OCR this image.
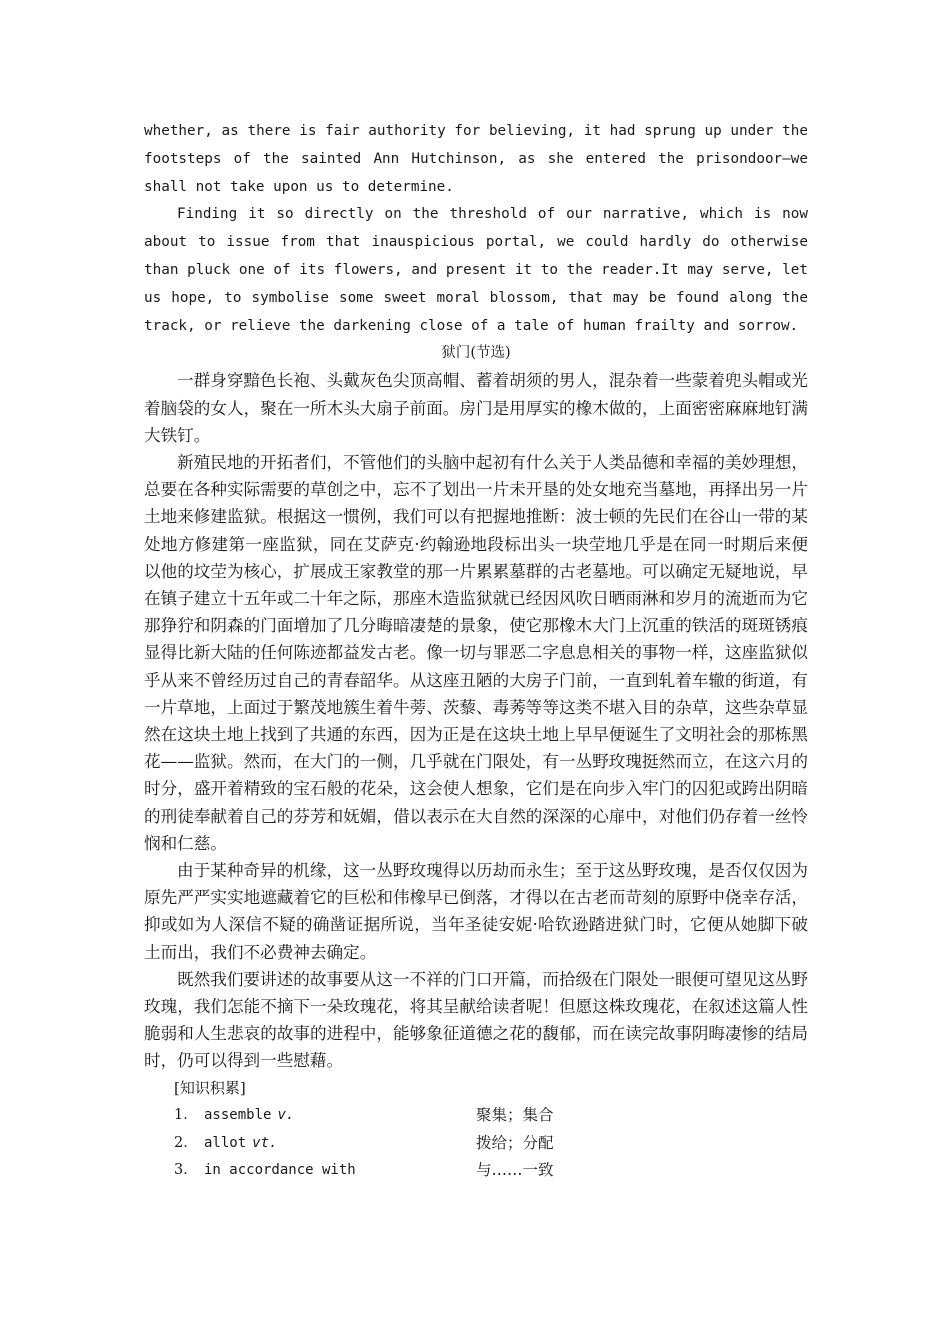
whether, as there is fair authority for believing, it had sprung up under the footsteps of the sainted Ann Hutchinson, as she entered the prisondoor—we shall not take upon us to determine.

Finding it so directly on the threshold of our narrative, which is now about to issue from that inauspicious portal, we could hardly do otherwise than pluck one of its flowers, and present it to the reader.It may serve, let us hope, to symbolise some sweet moral blossom, that may be found along the track, or relieve the darkening close of a tale of human frailty and sorrow.

狱门(节选)

一群身穿黯色长袍、头戴灰色尖顶高帽、蓄着胡须的男人，混杂着一些蒙着兜头帽或光着脑袋的女人，聚在一所木头大扇子前面。房门是用厚实的橡木做的，上面密密麻麻地钉满大铁钉。

新殖民地的开拓者们，不管他们的头脑中起初有什么关于人类品德和幸福的美妙理想，总要在各种实际需要的草创之中，忘不了划出一片未开垦的处女地充当墓地，再择出另一片土地来修建监狱。根据这一惯例，我们可以有把握地推断：波士顿的先民们在谷山一带的某处地方修建第一座监狱，同在艾萨克·约翰逊地段标出头一块茔地几乎是在同一时期后来便以他的坟茔为核心，扩展成王家教堂的那一片累累墓群的古老墓地。可以确定无疑地说，早在镇子建立十五年或二十年之际，那座木造监狱就已经因风吹日晒雨淋和岁月的流逝而为它那狰狞和阴森的门面增加了几分晦暗凄楚的景象，使它那橡木大门上沉重的铁活的斑斑锈痕显得比新大陆的任何陈迹都益发古老。像一切与罪恶二字息息相关的事物一样，这座监狱似乎从来不曾经历过自己的青春韶华。从这座丑陋的大房子门前，一直到轧着车辙的街道，有一片草地，上面过于繁茂地簇生着牛蒡、茨藜、毒莠等等这类不堪入目的杂草，这些杂草显然在这块土地上找到了共通的东西，因为正是在这块土地上早早便诞生了文明社会的那栋黑花——监狱。然而，在大门的一侧，几乎就在门限处，有一丛野玫瑰挺然而立，在这六月的时分，盛开着精致的宝石般的花朵，这会使人想象，它们是在向步入牢门的囚犯或跨出阴暗的刑徒奉献着自己的芬芳和妩媚，借以表示在大自然的深深的心扉中，对他们仍存着一丝怜悯和仁慈。

由于某种奇异的机缘，这一丛野玫瑰得以历劫而永生；至于这丛野玫瑰，是否仅仅因为原先严严实实地遮藏着它的巨松和伟橡早已倒落，才得以在古老而苛刻的原野中侥幸存活，抑或如为人深信不疑的确凿证据所说，当年圣徒安妮·哈钦逊踏进狱门时，它便从她脚下破土而出，我们不必费神去确定。

既然我们要讲述的故事要从这一不祥的门口开篇，而拾级在门限处一眼便可望见这丛野玫瑰，我们怎能不摘下一朵玫瑰花，将其呈献给读者呢！但愿这株玫瑰花，在叙述这篇人性脆弱和人生悲哀的故事的进程中，能够象征道德之花的馥郁，而在读完故事阴晦凄惨的结局时，仍可以得到一些慰藉。

[知识积累]

1． assemble v.	聚集；集合
2． allot vt.	拨给；分配
3． in accordance with	与……一致
